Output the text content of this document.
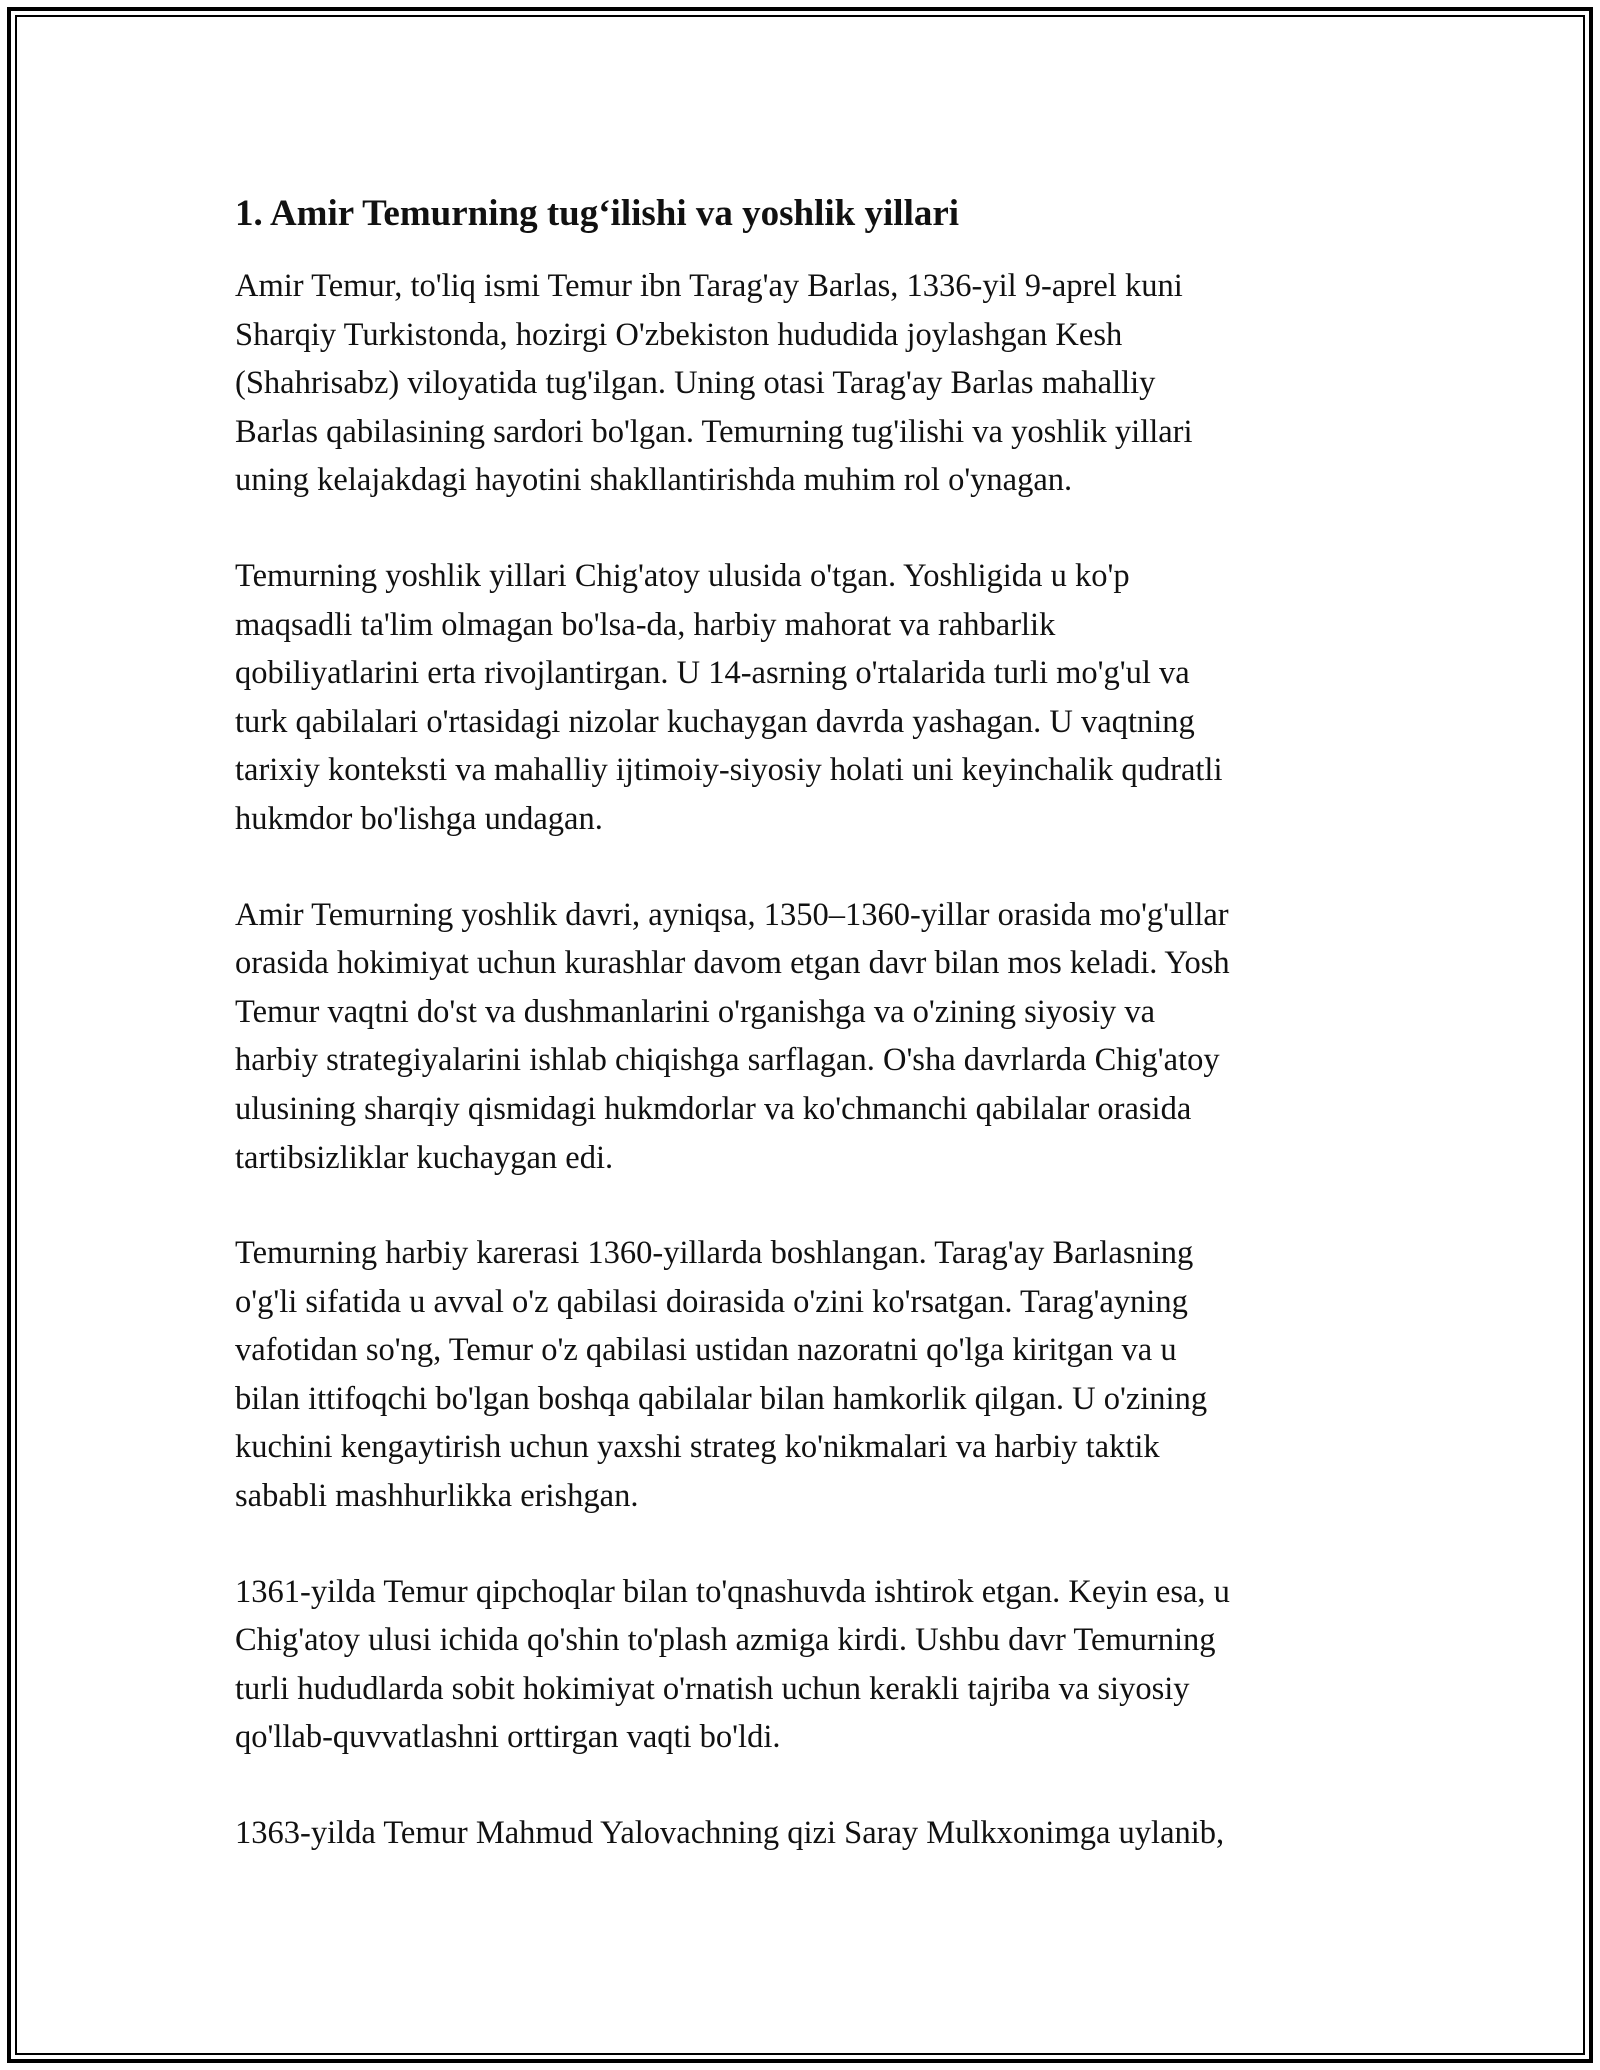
1. Amir Temurning tug‘ilishi va yoshlik yillari

Amir Temur, to'liq ismi Temur ibn Tarag'ay Barlas, 1336-yil 9-aprel kuni
Sharqiy Turkistonda, hozirgi O'zbekiston hududida joylashgan Kesh
(Shahrisabz) viloyatida tug'ilgan. Uning otasi Tarag'ay Barlas mahalliy
Barlas qabilasining sardori bo'lgan. Temurning tug'ilishi va yoshlik yillari
uning kelajakdagi hayotini shakllantirishda muhim rol o'ynagan.

Temurning yoshlik yillari Chig'atoy ulusida o'tgan. Yoshligida u ko'p
maqsadli ta'lim olmagan bo'lsa-da, harbiy mahorat va rahbarlik
qobiliyatlarini erta rivojlantirgan. U 14-asrning o'rtalarida turli mo'g'ul va
turk qabilalari o'rtasidagi nizolar kuchaygan davrda yashagan. U vaqtning
tarixiy konteksti va mahalliy ijtimoiy-siyosiy holati uni keyinchalik qudratli
hukmdor bo'lishga undagan.

Amir Temurning yoshlik davri, ayniqsa, 1350–1360-yillar orasida mo'g'ullar
orasida hokimiyat uchun kurashlar davom etgan davr bilan mos keladi. Yosh
Temur vaqtni do'st va dushmanlarini o'rganishga va o'zining siyosiy va
harbiy strategiyalarini ishlab chiqishga sarflagan. O'sha davrlarda Chig'atoy
ulusining sharqiy qismidagi hukmdorlar va ko'chmanchi qabilalar orasida
tartibsizliklar kuchaygan edi.

Temurning harbiy karerasi 1360-yillarda boshlangan. Tarag'ay Barlasning
o'g'li sifatida u avval o'z qabilasi doirasida o'zini ko'rsatgan. Tarag'ayning
vafotidan so'ng, Temur o'z qabilasi ustidan nazoratni qo'lga kiritgan va u
bilan ittifoqchi bo'lgan boshqa qabilalar bilan hamkorlik qilgan. U o'zining
kuchini kengaytirish uchun yaxshi strateg ko'nikmalari va harbiy taktik
sababli mashhurlikka erishgan.

1361-yilda Temur qipchoqlar bilan to'qnashuvda ishtirok etgan. Keyin esa, u
Chig'atoy ulusi ichida qo'shin to'plash azmiga kirdi. Ushbu davr Temurning
turli hududlarda sobit hokimiyat o'rnatish uchun kerakli tajriba va siyosiy
qo'llab-quvvatlashni orttirgan vaqti bo'ldi.

1363-yilda Temur Mahmud Yalovachning qizi Saray Mulkxonimga uylanib,
